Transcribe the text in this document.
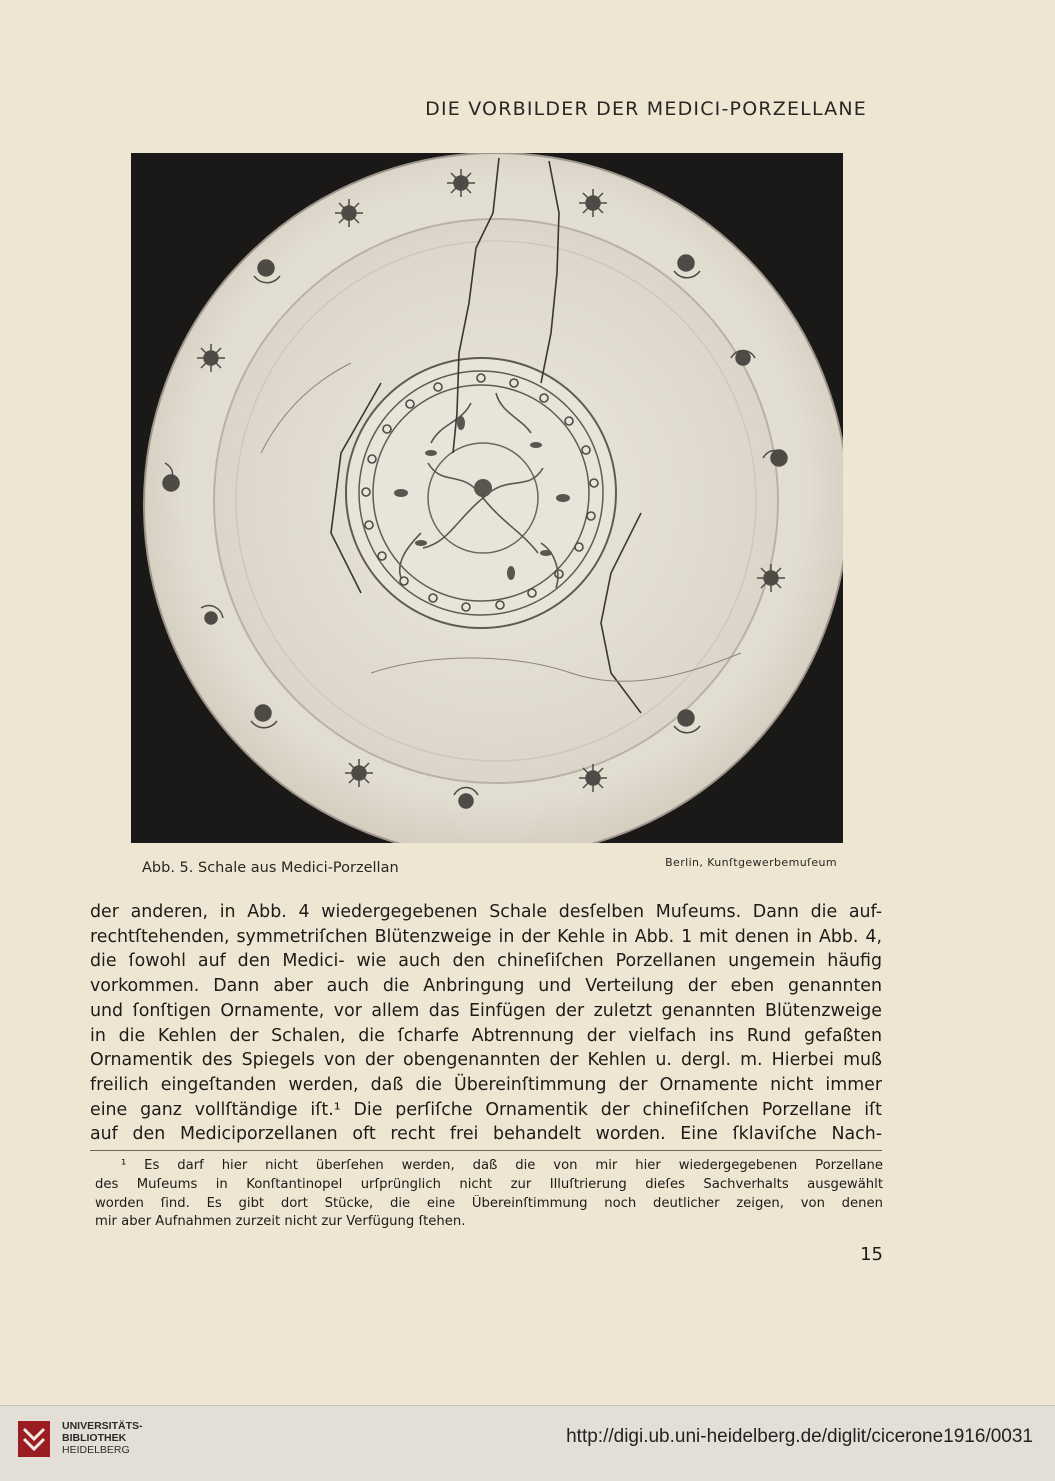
DIE VORBILDER DER MEDICI-PORZELLANE
Abb. 5. Schale aus Medici-Porzellan	Berlin, Kunſtgewerbemuſeum
der anderen, in Abb. 4 wiedergegebenen Schale desſelben Muſeums. Dann die auf-
rechtſtehenden, symmetriſchen Blütenzweige in der Kehle in Abb. 1 mit denen in Abb. 4,
die ſowohl auf den Medici- wie auch den chineſiſchen Porzellanen ungemein häufig
vorkommen. Dann aber auch die Anbringung und Verteilung der eben genannten
und ſonſtigen Ornamente, vor allem das Einfügen der zuletzt genannten Blütenzweige
in die Kehlen der Schalen, die ſcharfe Abtrennung der vielfach ins Rund gefaßten
Ornamentik des Spiegels von der obengenannten der Kehlen u. dergl. m. Hierbei muß
freilich eingeſtanden werden, daß die Übereinſtimmung der Ornamente nicht immer
eine ganz vollſtändige iſt.¹ Die perſiſche Ornamentik der chineſiſchen Porzellane iſt
auf den Mediciporzellanen oft recht frei behandelt worden. Eine ſklaviſche Nach-
¹ Es darf hier nicht überſehen werden, daß die von mir hier wiedergegebenen Porzellane
des Muſeums in Konſtantinopel urſprünglich nicht zur Illuſtrierung dieſes Sachverhalts ausgewählt
worden ſind. Es gibt dort Stücke, die eine Übereinſtimmung noch deutlicher zeigen, von denen
mir aber Aufnahmen zurzeit nicht zur Verfügung ſtehen.
15
UNIVERSITÄTS-
BIBLIOTHEK
HEIDELBERG
http://digi.ub.uni-heidelberg.de/diglit/cicerone1916/0031
